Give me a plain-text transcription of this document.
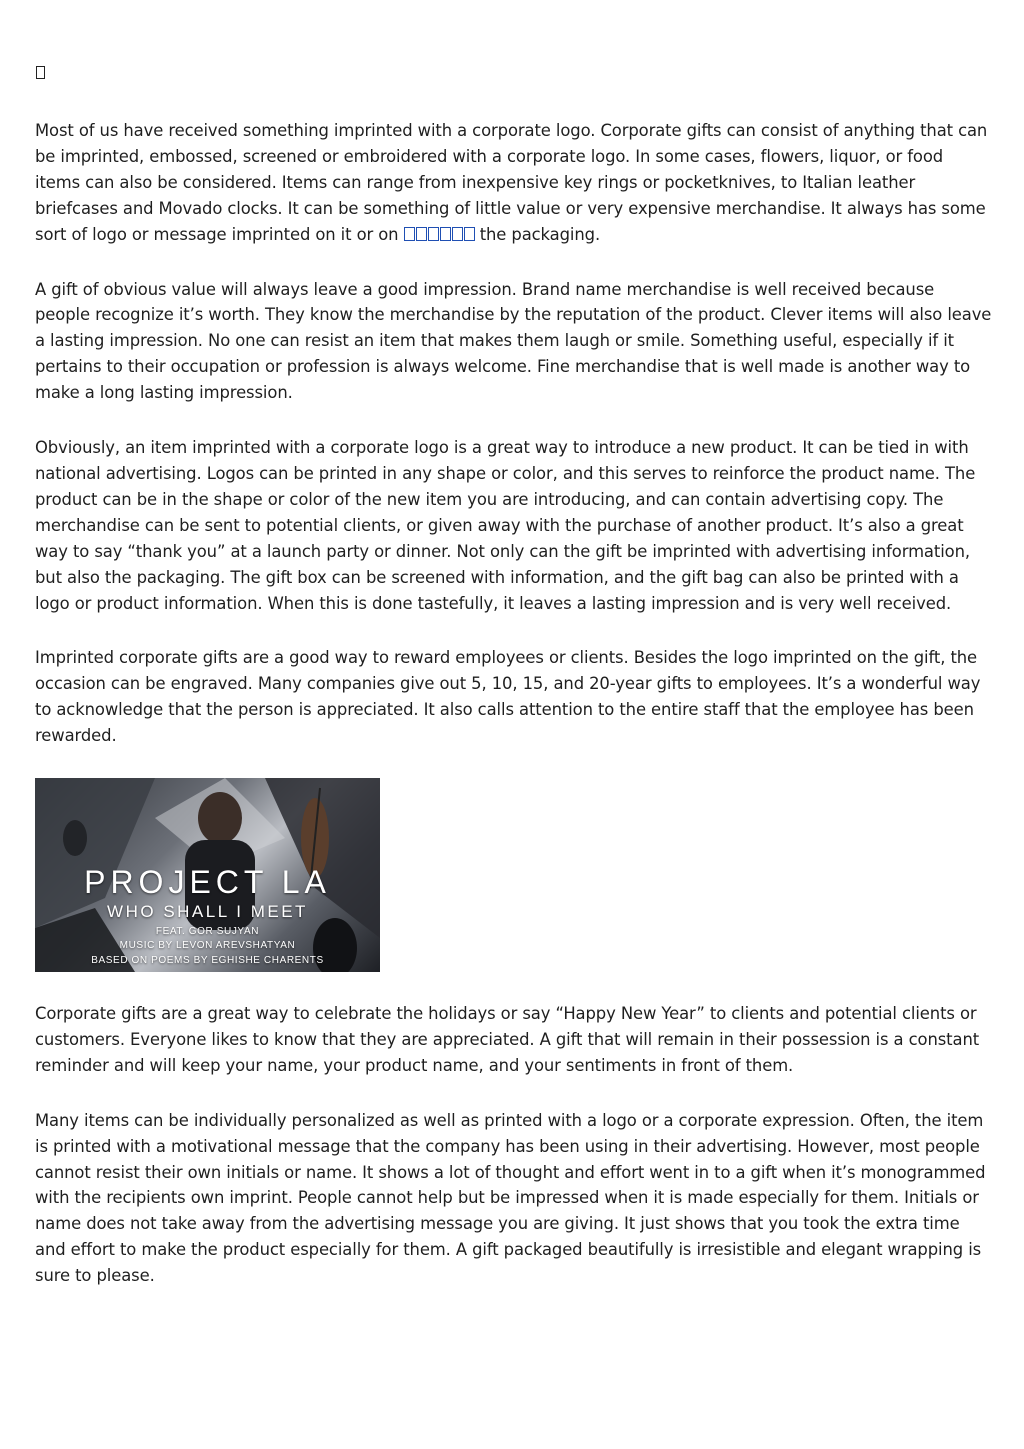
Most of us have received something imprinted with a corporate logo. Corporate gifts can consist of anything that can be imprinted, embossed, screened or embroidered with a corporate logo. In some cases, flowers, liquor, or food items can also be considered. Items can range from inexpensive key rings or pocketknives, to Italian leather briefcases and Movado clocks. It can be something of little value or very expensive merchandise. It always has some sort of logo or message imprinted on it or on	the packaging.

A gift of obvious value will always leave a good impression. Brand name merchandise is well received because people recognize it’s worth. They know the merchandise by the reputation of the product. Clever items will also leave a lasting impression. No one can resist an item that makes them laugh or smile. Something useful, especially if it pertains to their occupation or profession is always welcome. Fine merchandise that is well made is another way to make a long lasting impression.

Obviously, an item imprinted with a corporate logo is a great way to introduce a new product. It can be tied in with national advertising. Logos can be printed in any shape or color, and this serves to reinforce the product name. The product can be in the shape or color of the new item you are introducing, and can contain advertising copy. The merchandise can be sent to potential clients, or given away with the purchase of another product. It’s also a great way to say “thank you” at a launch party or dinner. Not only can the gift be imprinted with advertising information, but also the packaging. The gift box can be screened with information, and the gift bag can also be printed with a logo or product information. When this is done tastefully, it leaves a lasting impression and is very well received.

Imprinted corporate gifts are a good way to reward employees or clients. Besides the logo imprinted on the gift, the occasion can be engraved. Many companies give out 5, 10, 15, and 20-year gifts to employees. It’s a wonderful way to acknowledge that the person is appreciated. It also calls attention to the entire staff that the employee has been rewarded.

PROJECT LA
WHO SHALL I MEET
FEAT. GOR SUJYAN
MUSIC BY LEVON AREVSHATYAN
BASED ON POEMS BY EGHISHE CHARENTS

Corporate gifts are a great way to celebrate the holidays or say “Happy New Year” to clients and potential clients or customers. Everyone likes to know that they are appreciated. A gift that will remain in their possession is a constant reminder and will keep your name, your product name, and your sentiments in front of them.

Many items can be individually personalized as well as printed with a logo or a corporate expression. Often, the item is printed with a motivational message that the company has been using in their advertising. However, most people cannot resist their own initials or name. It shows a lot of thought and effort went in to a gift when it’s monogrammed with the recipients own imprint. People cannot help but be impressed when it is made especially for them. Initials or name does not take away from the advertising message you are giving. It just shows that you took the extra time and effort to make the product especially for them. A gift packaged beautifully is irresistible and elegant wrapping is sure to please.
